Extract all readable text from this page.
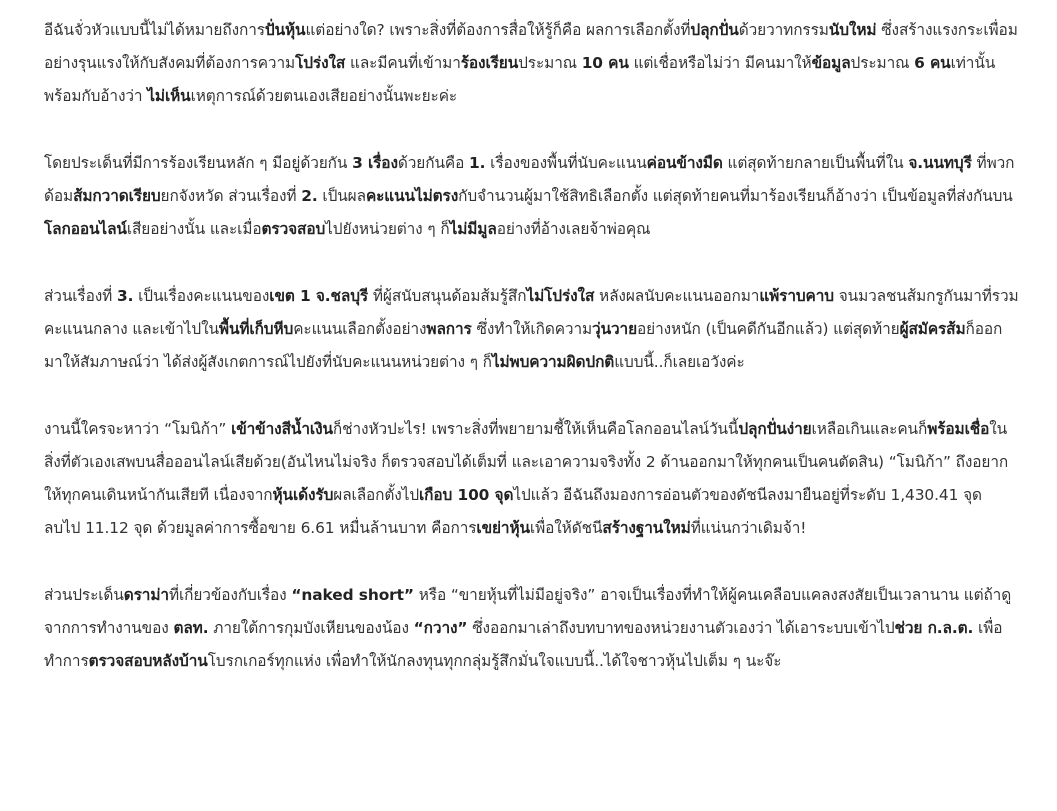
อีฉันจั่วหัวแบบนี้ไม่ได้หมายถึงการปั่นหุ้นแต่อย่างใด? เพราะสิ่งที่ต้องการสื่อให้รู้ก็คือ ผลการเลือกตั้งที่ปลุกปั่นด้วยวาทกรรมนับใหม่ ซึ่งสร้างแรงกระเพื่อมอย่างรุนแรงให้กับสังคมที่ต้องการความโปร่งใส และมีคนที่เข้ามาร้องเรียนประมาณ 10 คน แต่เชื่อหรือไม่ว่า มีคนมาให้ข้อมูลประมาณ 6 คนเท่านั้น พร้อมกับอ้างว่า ไม่เห็นเหตุการณ์ด้วยตนเองเสียอย่างนั้นพะยะค่ะ

โดยประเด็นที่มีการร้องเรียนหลัก ๆ มีอยู่ด้วยกัน 3 เรื่องด้วยกันคือ 1. เรื่องของพื้นที่นับคะแนนค่อนข้างมืด แต่สุดท้ายกลายเป็นพื้นที่ใน จ.นนทบุรี ที่พวกด้อมส้มกวาดเรียบยกจังหวัด ส่วนเรื่องที่ 2. เป็นผลคะแนนไม่ตรงกับจำนวนผู้มาใช้สิทธิเลือกตั้ง แต่สุดท้ายคนที่มาร้องเรียนก็อ้างว่า เป็นข้อมูลที่ส่งกันบนโลกออนไลน์เสียอย่างนั้น และเมื่อตรวจสอบไปยังหน่วยต่าง ๆ ก็ไม่มีมูลอย่างที่อ้างเลยจ้าพ่อคุณ

ส่วนเรื่องที่ 3. เป็นเรื่องคะแนนของเขต 1 จ.ชลบุรี ที่ผู้สนับสนุนด้อมส้มรู้สึกไม่โปร่งใส หลังผลนับคะแนนออกมาแพ้ราบคาบ จนมวลชนส้มกรูกันมาที่รวมคะแนนกลาง และเข้าไปในพื้นที่เก็บหีบคะแนนเลือกตั้งอย่างพลการ ซึ่งทำให้เกิดความวุ่นวายอย่างหนัก (เป็นคดีกันอีกแล้ว) แต่สุดท้ายผู้สมัครส้มก็ออกมาให้สัมภาษณ์ว่า ได้ส่งผู้สังเกตการณ์ไปยังที่นับคะแนนหน่วยต่าง ๆ ก็ไม่พบความผิดปกติแบบนี้..ก็เลยเอวังค่ะ

งานนี้ใครจะหาว่า “โมนิก้า” เข้าข้างสีน้ำเงินก็ช่างหัวปะไร! เพราะสิ่งที่พยายามชี้ให้เห็นคือโลกออนไลน์วันนี้ปลุกปั่นง่ายเหลือเกินและคนก็พร้อมเชื่อในสิ่งที่ตัวเองเสพบนสื่อออนไลน์เสียด้วย(อันไหนไม่จริง ก็ตรวจสอบได้เต็มที่ และเอาความจริงทั้ง 2 ด้านออกมาให้ทุกคนเป็นคนตัดสิน) “โมนิก้า” ถึงอยากให้ทุกคนเดินหน้ากันเสียที เนื่องจากหุ้นเด้งรับผลเลือกตั้งไปเกือบ 100 จุดไปแล้ว อีฉันถึงมองการอ่อนตัวของดัชนีลงมายืนอยู่ที่ระดับ 1,430.41 จุด ลบไป 11.12 จุด ด้วยมูลค่าการซื้อขาย 6.61 หมื่นล้านบาท คือการเขย่าหุ้นเพื่อให้ดัชนีสร้างฐานใหม่ที่แน่นกว่าเดิมจ้า!

ส่วนประเด็นดราม่าที่เกี่ยวข้องกับเรื่อง “naked short” หรือ “ขายหุ้นที่ไม่มีอยู่จริง” อาจเป็นเรื่องที่ทำให้ผู้คนเคลือบแคลงสงสัยเป็นเวลานาน แต่ถ้าดูจากการทำงานของ ตลท. ภายใต้การกุมบังเหียนของน้อง “กวาง” ซึ่งออกมาเล่าถึงบทบาทของหน่วยงานตัวเองว่า ได้เอาระบบเข้าไปช่วย ก.ล.ต. เพื่อทำการตรวจสอบหลังบ้านโบรกเกอร์ทุกแห่ง เพื่อทำให้นักลงทุนทุกกลุ่มรู้สึกมั่นใจแบบนี้..ได้ใจชาวหุ้นไปเต็ม ๆ นะจ๊ะ
